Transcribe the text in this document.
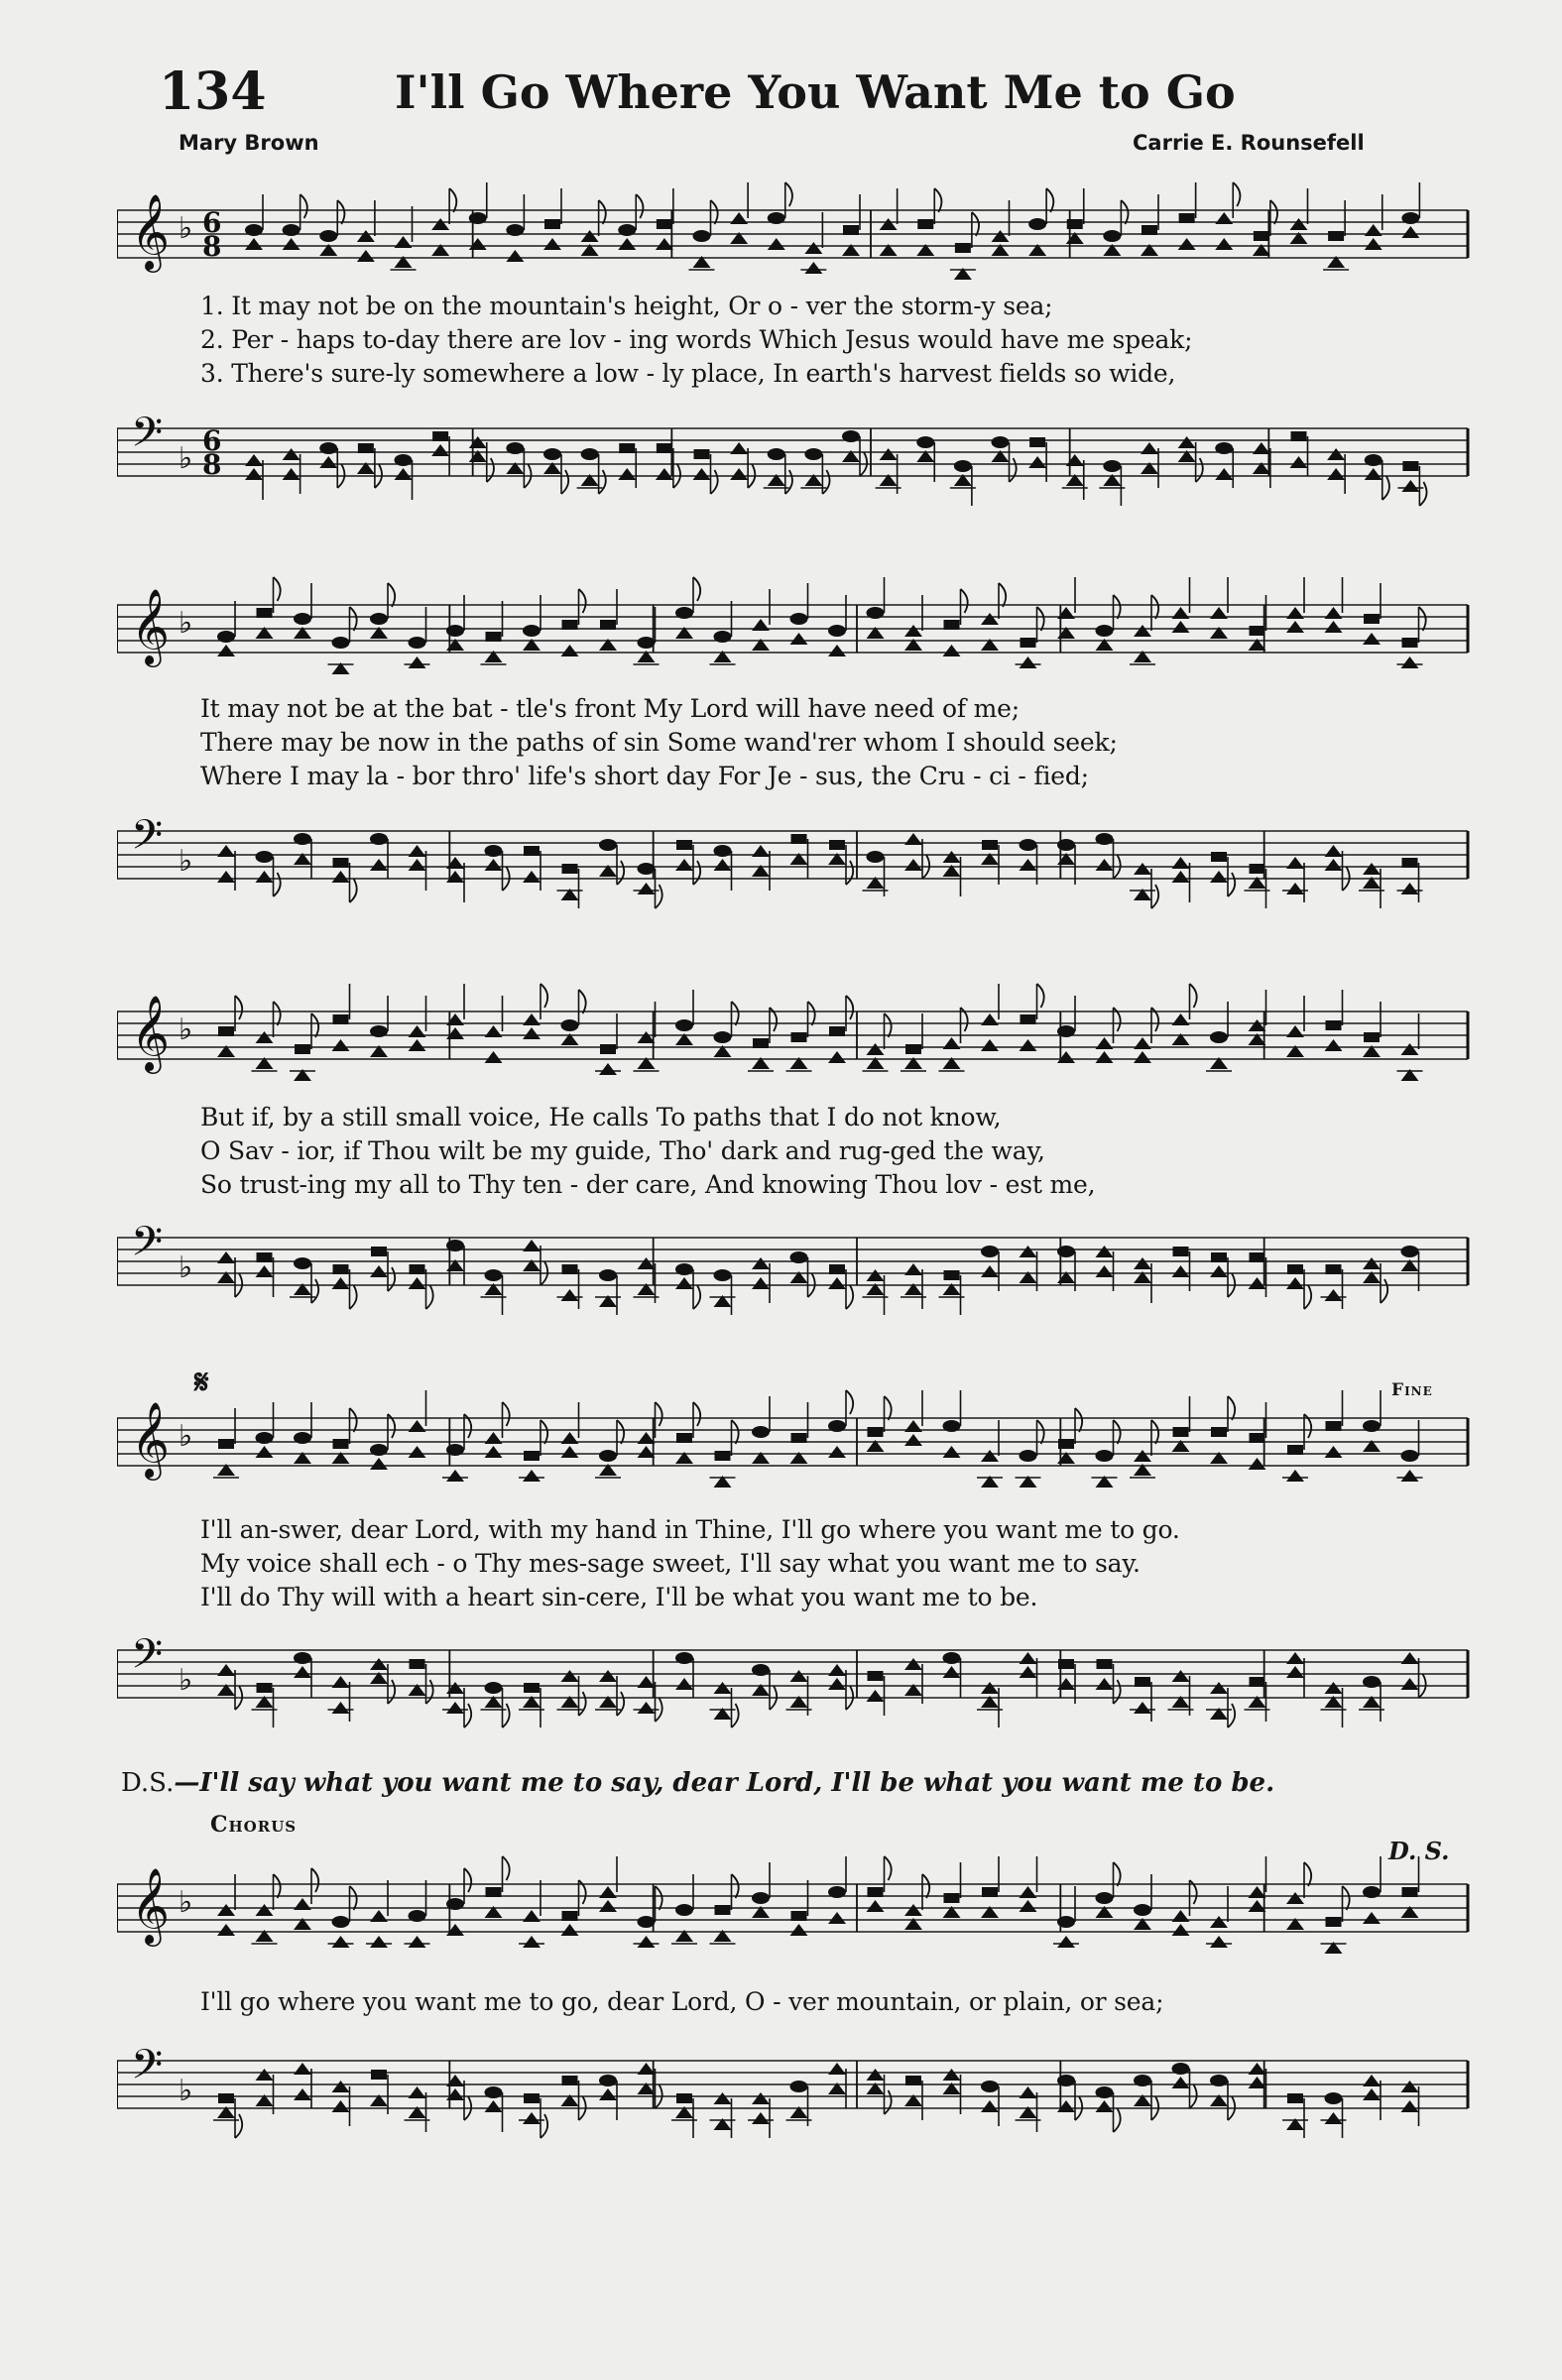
134	I'll Go Where You Want Me to Go
Mary Brown	Carrie E. Rounsefell
𝄞 ♭ 6
8
1. It may not be on the mountain's height, Or o - ver the storm-y sea;
2. Per - haps to-day there are lov - ing words Which Jesus would have me speak;
3. There's sure-ly somewhere a low - ly place, In earth's harvest fields so wide,
𝄢 ♭
6
8
𝄞 ♭
It may not be at the bat - tle's front My Lord will have need of me;
There may be now in the paths of sin Some wand'rer whom I should seek;
Where I may la - bor thro' life's short day For Je - sus, the Cru - ci - fied;
𝄢 ♭
𝄞 ♭
But if, by a still small voice, He calls To paths that I do not know,
O Sav - ior, if Thou wilt be my guide, Tho' dark and rug-ged the way,
So trust-ing my all to Thy ten - der care, And knowing Thou lov - est me,
𝄢 ♭
𝄞 ♭
I'll an-swer, dear Lord, with my hand in Thine, I'll go where you want me to go.
My voice shall ech - o Thy mes-sage sweet, I'll say what you want me to say.
I'll do Thy will with a heart sin-cere, I'll be what you want me to be.
𝄢 ♭
𝄋	Fine
D.S.—I'll say what you want me to say, dear Lord, I'll be what you want me to be.
Chorus
D. S.
𝄞 ♭
I'll go where you want me to go, dear Lord, O - ver mountain, or plain, or sea;
𝄢 ♭
